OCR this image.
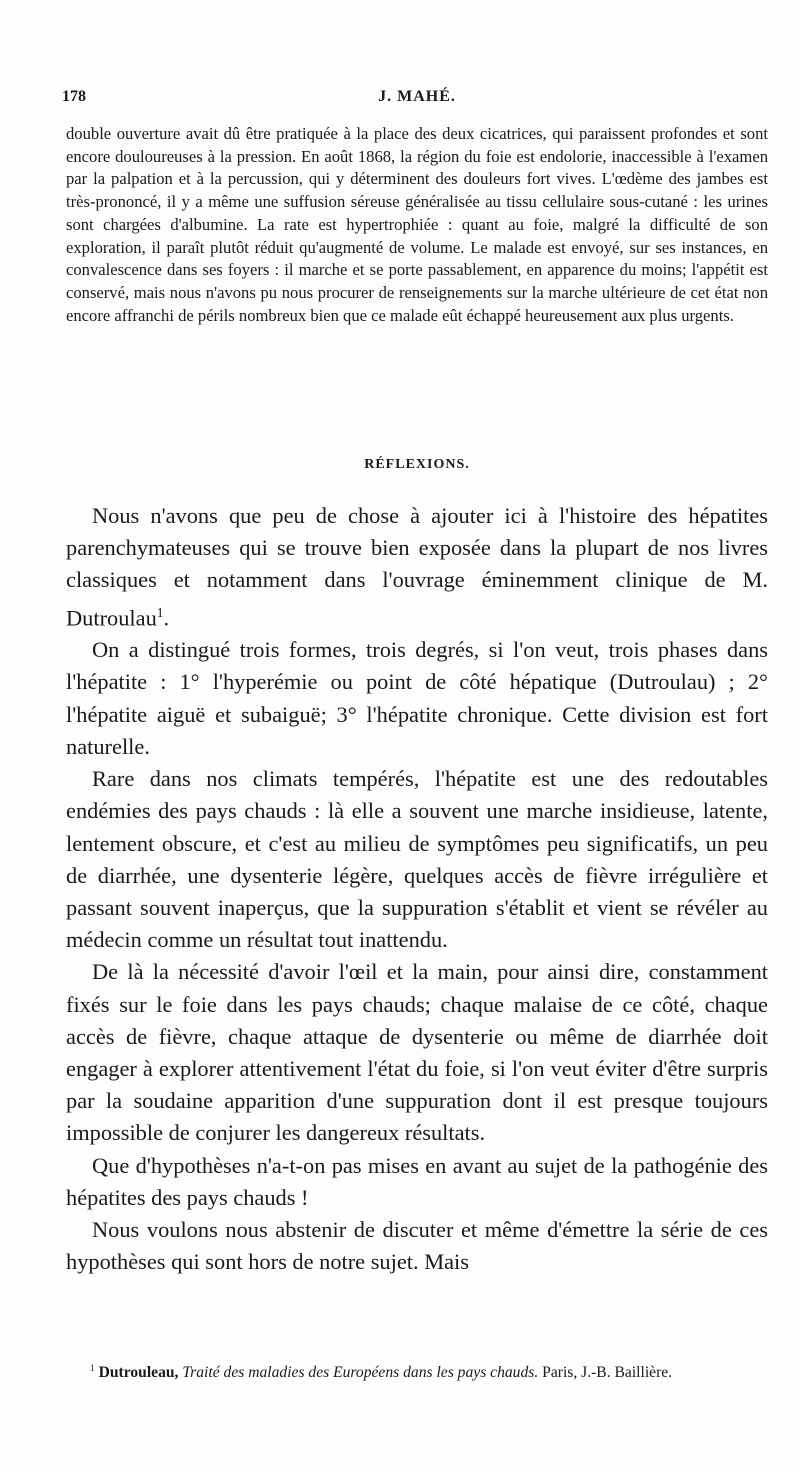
178	J. MAHÉ.

double ouverture avait dû être pratiquée à la place des deux cicatrices, qui paraissent profondes et sont encore douloureuses à la pression. En août 1868, la région du foie est endolorie, inaccessible à l'examen par la palpation et à la percussion, qui y déterminent des douleurs fort vives. L'œdème des jambes est très-prononcé, il y a même une suffusion séreuse généralisée au tissu cellulaire sous-cutané : les urines sont chargées d'albumine. La rate est hypertrophiée : quant au foie, malgré la difficulté de son exploration, il paraît plutôt réduit qu'augmenté de volume. Le malade est envoyé, sur ses instances, en convalescence dans ses foyers : il marche et se porte passablement, en apparence du moins; l'appétit est conservé, mais nous n'avons pu nous procurer de renseignements sur la marche ultérieure de cet état non encore affranchi de périls nombreux bien que ce malade eût échappé heureusement aux plus urgents.

RÉFLEXIONS.

Nous n'avons que peu de chose à ajouter ici à l'histoire des hépatites parenchymateuses qui se trouve bien exposée dans la plupart de nos livres classiques et notamment dans l'ouvrage éminemment clinique de M. Dutroulau$^1$.

On a distingué trois formes, trois degrés, si l'on veut, trois phases dans l'hépatite : 1° l'hyperémie ou point de côté hépatique (Dutroulau) ; 2° l'hépatite aiguë et subaiguë; 3° l'hépatite chronique. Cette division est fort naturelle.

Rare dans nos climats tempérés, l'hépatite est une des redoutables endémies des pays chauds : là elle a souvent une marche insidieuse, latente, lentement obscure, et c'est au milieu de symptômes peu significatifs, un peu de diarrhée, une dysenterie légère, quelques accès de fièvre irrégulière et passant souvent inaperçus, que la suppuration s'établit et vient se révéler au médecin comme un résultat tout inattendu.

De là la nécessité d'avoir l'œil et la main, pour ainsi dire, constamment fixés sur le foie dans les pays chauds; chaque malaise de ce côté, chaque accès de fièvre, chaque attaque de dysenterie ou même de diarrhée doit engager à explorer attentivement l'état du foie, si l'on veut éviter d'être surpris par la soudaine apparition d'une suppuration dont il est presque toujours impossible de conjurer les dangereux résultats.

Que d'hypothèses n'a-t-on pas mises en avant au sujet de la pathogénie des hépatites des pays chauds !

Nous voulons nous abstenir de discuter et même d'émettre la série de ces hypothèses qui sont hors de notre sujet. Mais

$^1$ Dutrouleau, Traité des maladies des Européens dans les pays chauds. Paris, J.-B. Baillière.
